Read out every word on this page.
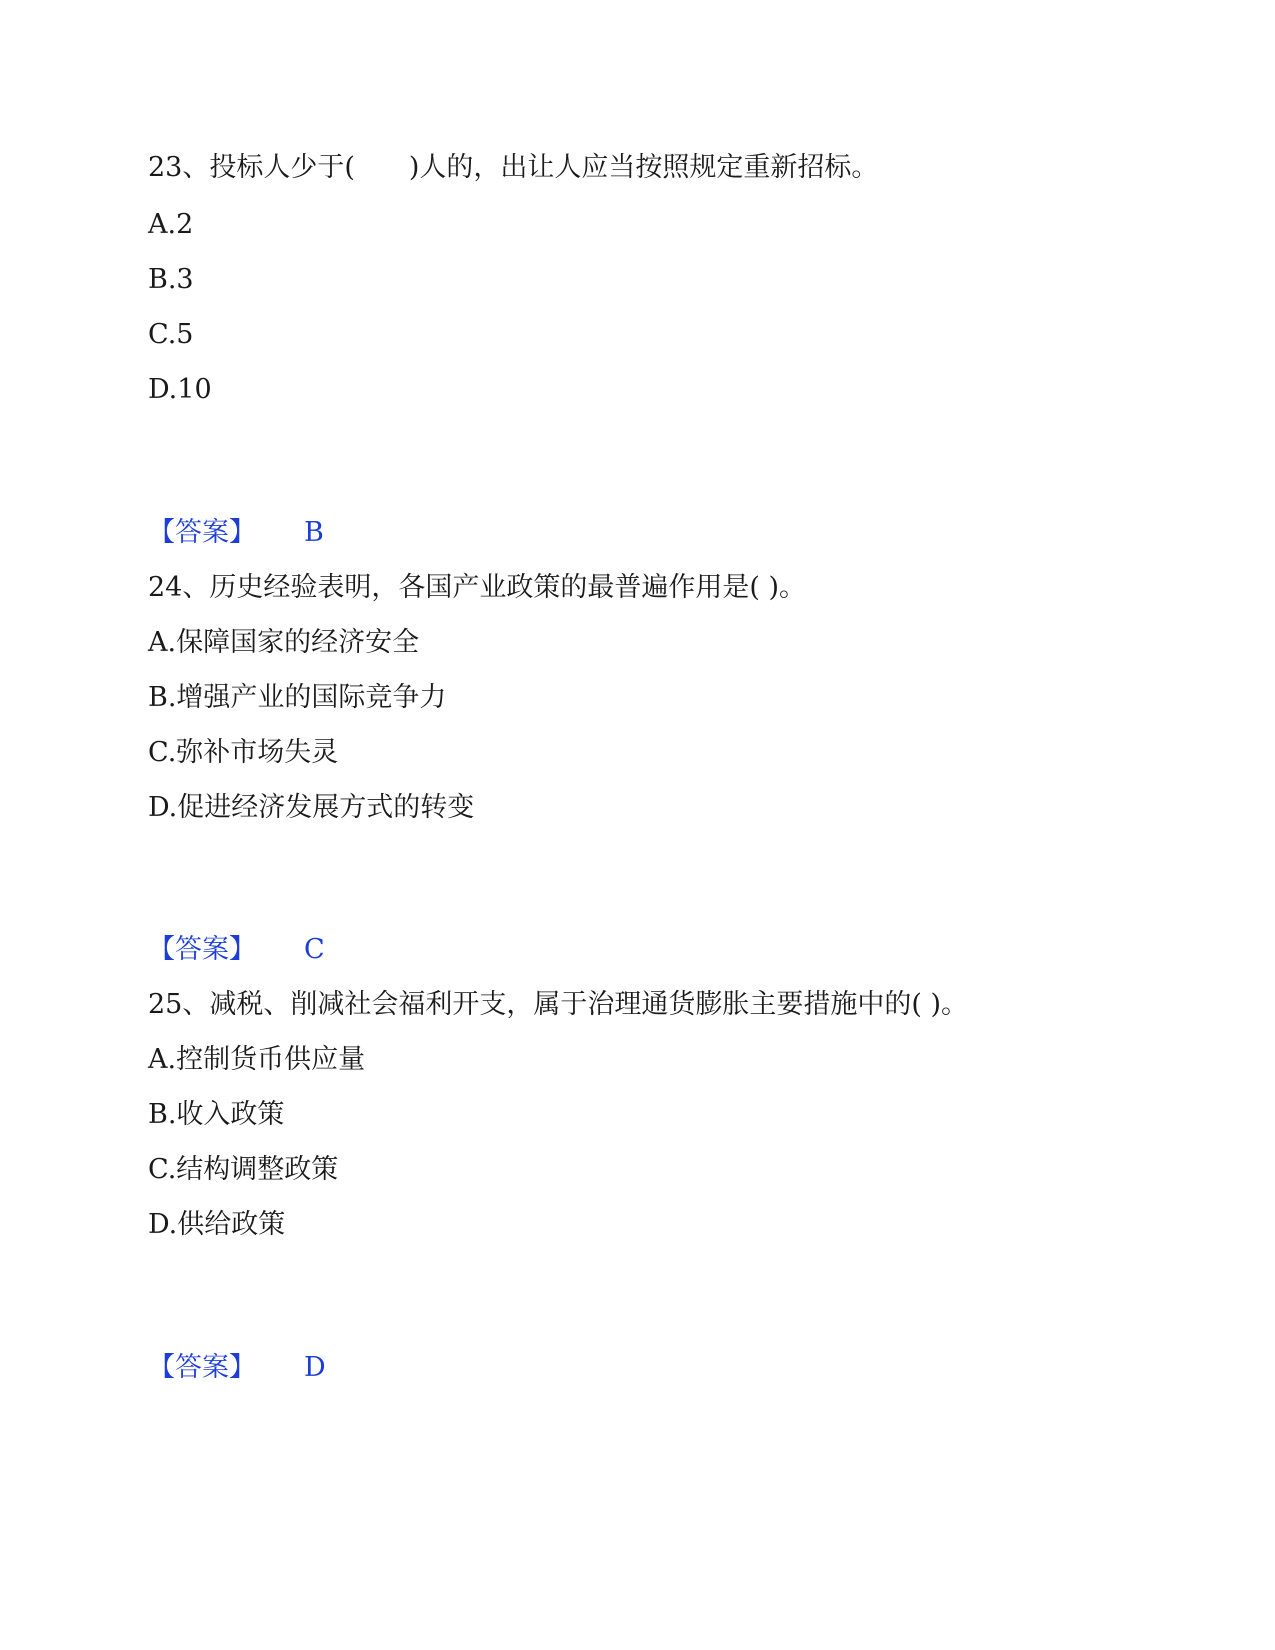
23、投标人少于(　　)人的，出让人应当按照规定重新招标。
A.2
B.3
C.5
D.10
【答案】 B
24、历史经验表明，各国产业政策的最普遍作用是( )。
A.保障国家的经济安全
B.增强产业的国际竞争力
C.弥补市场失灵
D.促进经济发展方式的转变
【答案】 C
25、减税、削减社会福利开支，属于治理通货膨胀主要措施中的( )。
A.控制货币供应量
B.收入政策
C.结构调整政策
D.供给政策
【答案】 D
